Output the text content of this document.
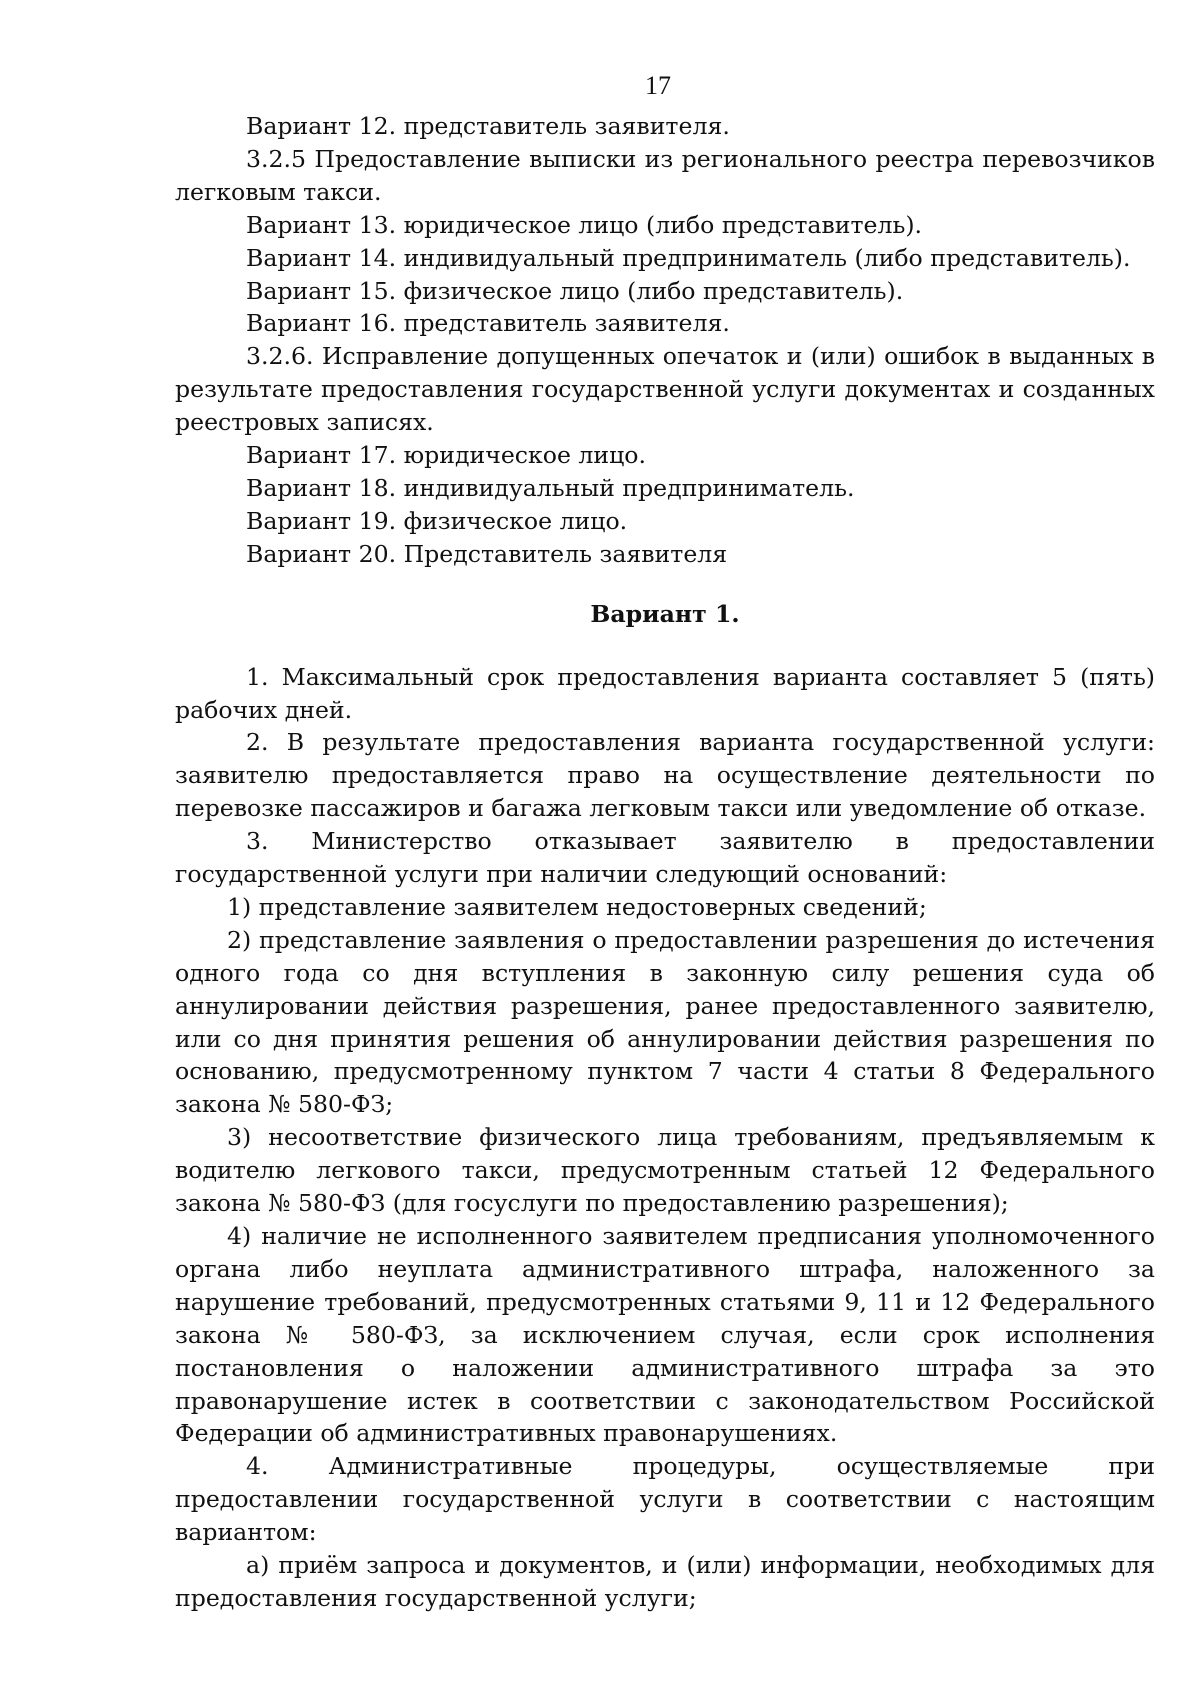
17

Вариант 12. представитель заявителя.

3.2.5 Предоставление выписки из регионального реестра перевозчиков легковым такси.

Вариант 13. юридическое лицо (либо представитель).

Вариант 14. индивидуальный предприниматель (либо представитель).

Вариант 15. физическое лицо (либо представитель).

Вариант 16. представитель заявителя.

3.2.6. Исправление допущенных опечаток и (или) ошибок в выданных в результате предоставления государственной услуги документах и созданных реестровых записях.

Вариант 17. юридическое лицо.

Вариант 18. индивидуальный предприниматель.

Вариант 19. физическое лицо.

Вариант 20. Представитель заявителя

Вариант 1.

1. Максимальный срок предоставления варианта составляет 5 (пять) рабочих дней.

2. В результате предоставления варианта государственной услуги: заявителю предоставляется право на осуществление деятельности по перевозке пассажиров и багажа легковым такси или уведомление об отказе.

3. Министерство отказывает заявителю в предоставлении государственной услуги при наличии следующий оснований:

1) представление заявителем недостоверных сведений;

2) представление заявления о предоставлении разрешения до истечения одного года со дня вступления в законную силу решения суда об аннулировании действия разрешения, ранее предоставленного заявителю, или со дня принятия решения об аннулировании действия разрешения по основанию, предусмотренному пунктом 7 части 4 статьи 8 Федерального закона № 580-ФЗ;

3) несоответствие физического лица требованиям, предъявляемым к водителю легкового такси, предусмотренным статьей 12 Федерального закона № 580-ФЗ (для госуслуги по предоставлению разрешения);

4) наличие не исполненного заявителем предписания уполномоченного органа либо неуплата административного штрафа, наложенного за нарушение требований, предусмотренных статьями 9, 11 и 12 Федерального закона № 580-ФЗ, за исключением случая, если срок исполнения постановления о наложении административного штрафа за это правонарушение истек в соответствии с законодательством Российской Федерации об административных правонарушениях.

4. Административные процедуры, осуществляемые при предоставлении государственной услуги в соответствии с настоящим вариантом:

а) приём запроса и документов, и (или) информации, необходимых для предоставления государственной услуги;
